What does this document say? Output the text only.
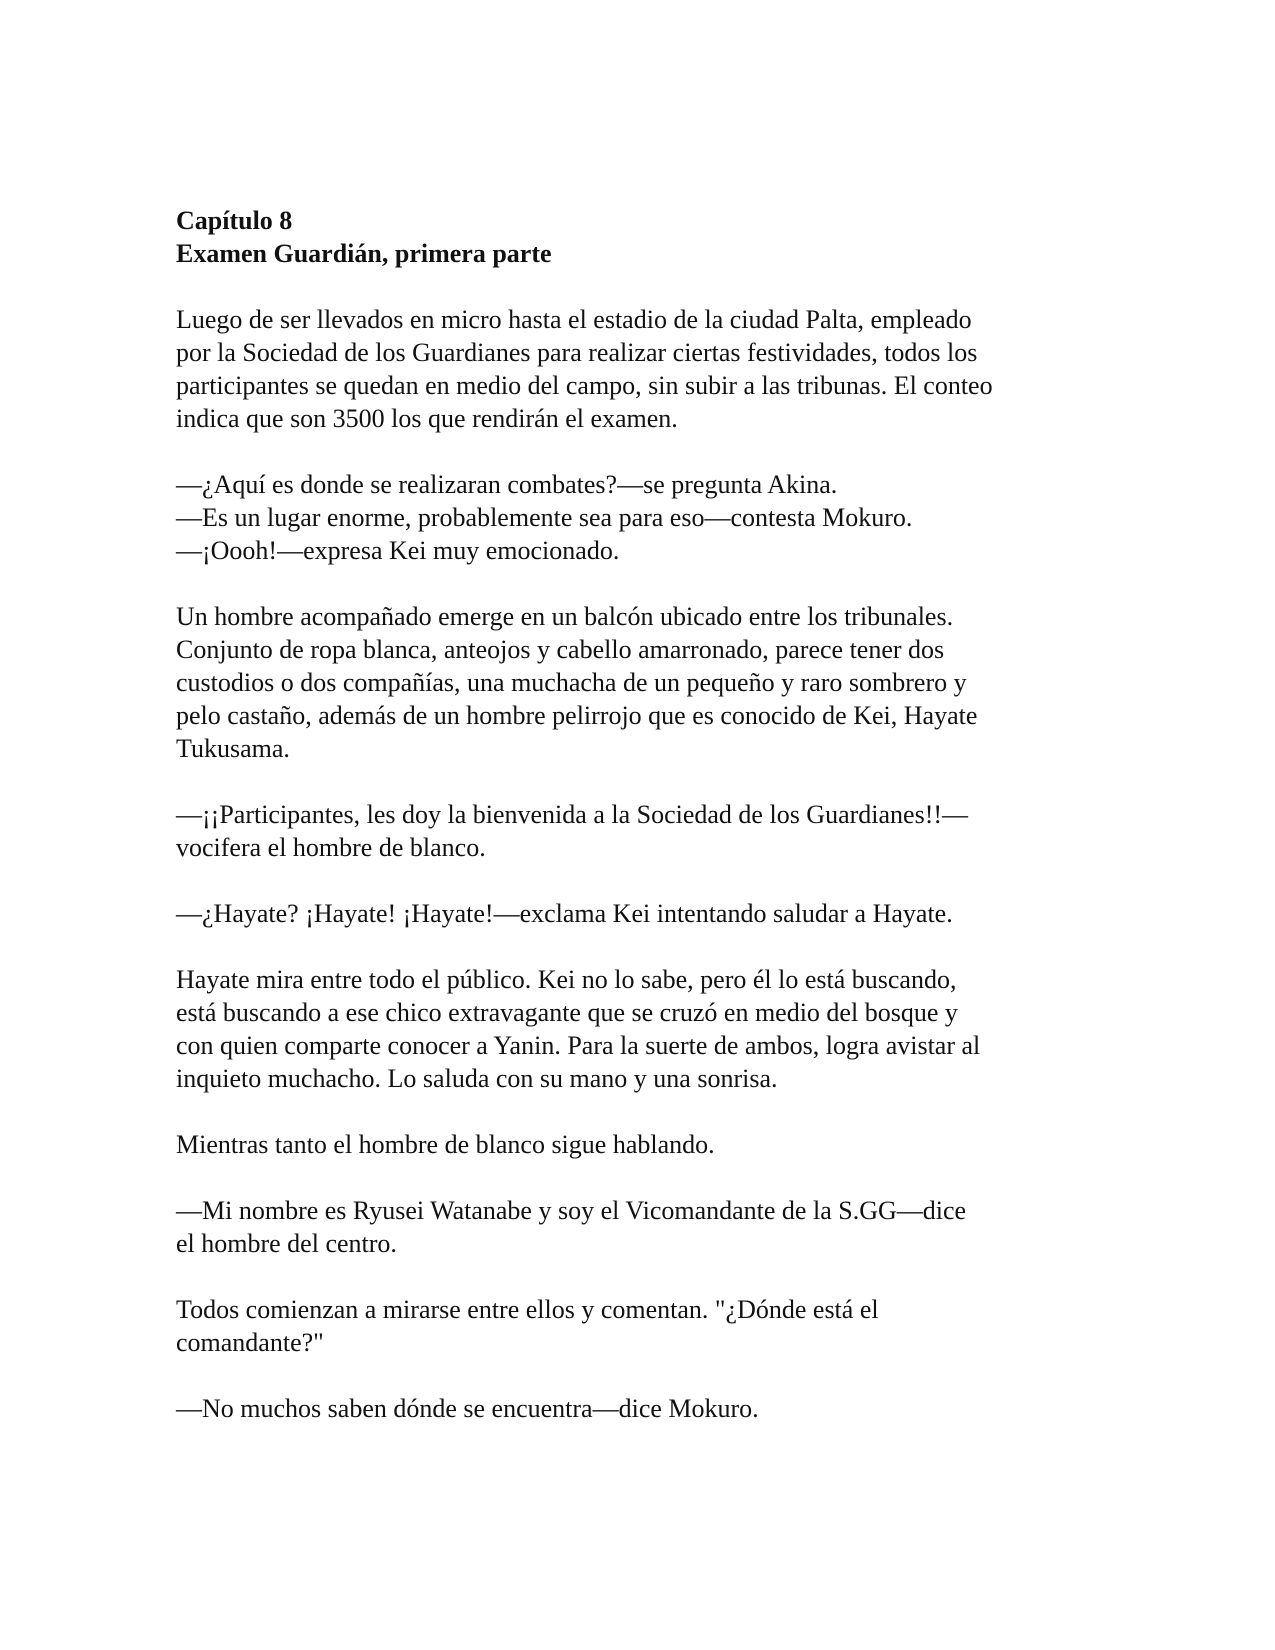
Capítulo 8
Examen Guardián, primera parte
Luego de ser llevados en micro hasta el estadio de la ciudad Palta, empleado
por la Sociedad de los Guardianes para realizar ciertas festividades, todos los
participantes se quedan en medio del campo, sin subir a las tribunas. El conteo
indica que son 3500 los que rendirán el examen.
—¿Aquí es donde se realizaran combates?—se pregunta Akina.
—Es un lugar enorme, probablemente sea para eso—contesta Mokuro.
—¡Oooh!—expresa Kei muy emocionado.
Un hombre acompañado emerge en un balcón ubicado entre los tribunales.
Conjunto de ropa blanca, anteojos y cabello amarronado, parece tener dos
custodios o dos compañías, una muchacha de un pequeño y raro sombrero y
pelo castaño, además de un hombre pelirrojo que es conocido de Kei, Hayate
Tukusama.
—¡¡Participantes, les doy la bienvenida a la Sociedad de los Guardianes!!—
vocifera el hombre de blanco.
—¿Hayate? ¡Hayate! ¡Hayate!—exclama Kei intentando saludar a Hayate.
Hayate mira entre todo el público. Kei no lo sabe, pero él lo está buscando,
está buscando a ese chico extravagante que se cruzó en medio del bosque y
con quien comparte conocer a Yanin. Para la suerte de ambos, logra avistar al
inquieto muchacho. Lo saluda con su mano y una sonrisa.
Mientras tanto el hombre de blanco sigue hablando.
—Mi nombre es Ryusei Watanabe y soy el Vicomandante de la S.GG—dice
el hombre del centro.
Todos comienzan a mirarse entre ellos y comentan. "¿Dónde está el
comandante?"
—No muchos saben dónde se encuentra—dice Mokuro.
